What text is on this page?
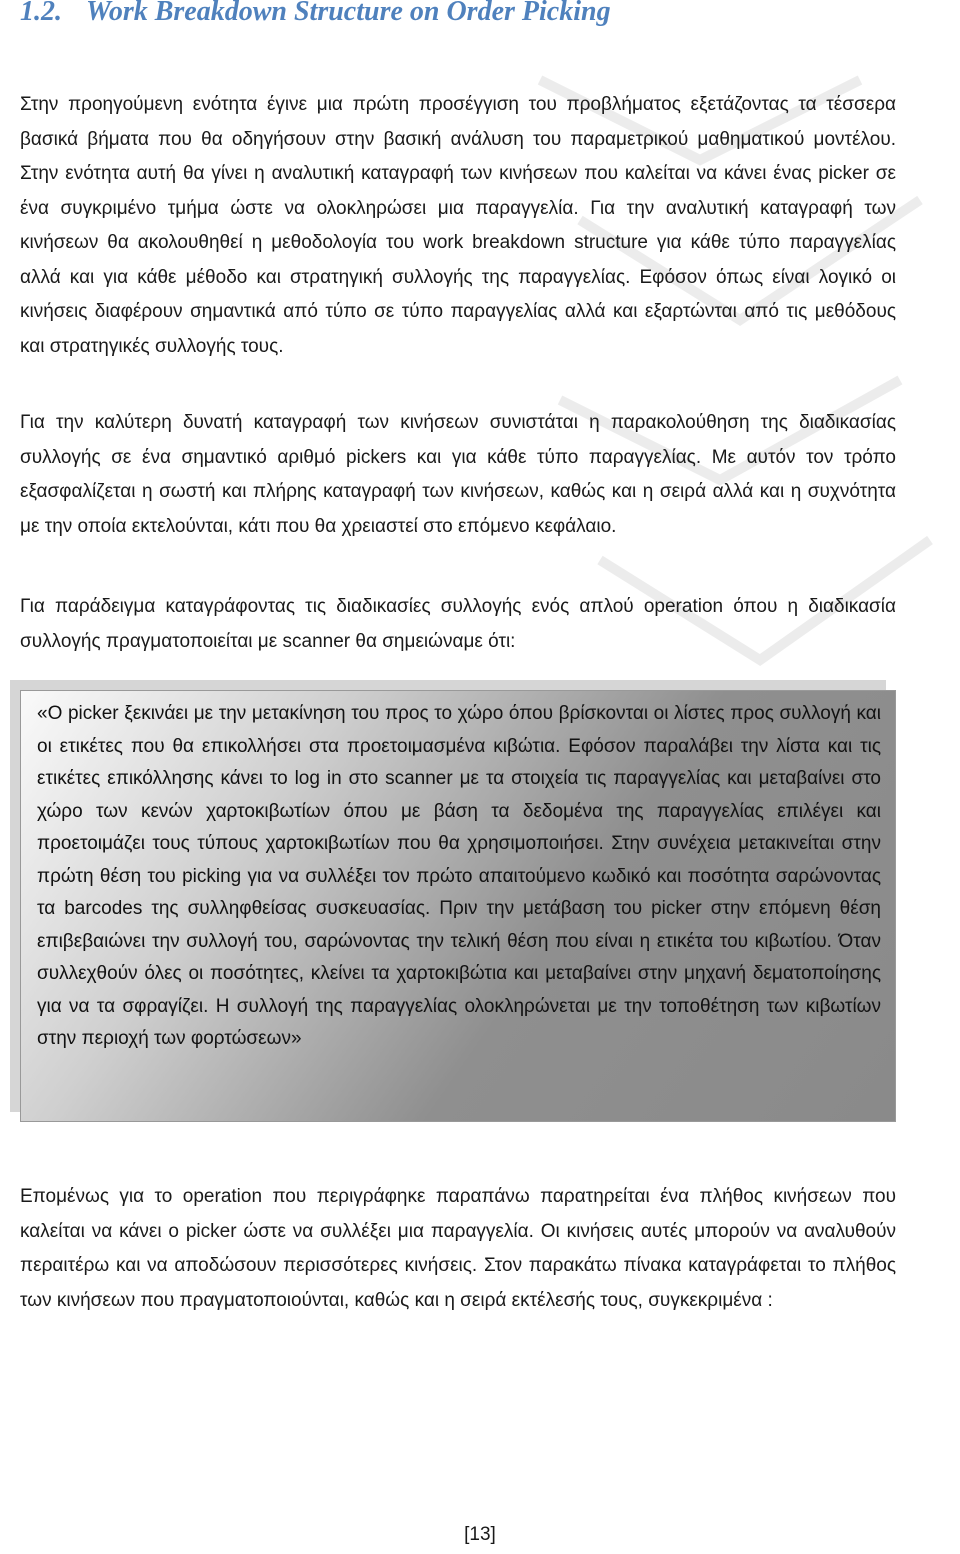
1.2. Work Breakdown Structure on Order Picking

Στην προηγούμενη ενότητα έγινε μια πρώτη προσέγγιση του προβλήματος εξετάζοντας τα τέσσερα βασικά βήματα που θα οδηγήσουν στην βασική ανάλυση του παραμετρικού μαθηματικού μοντέλου. Στην ενότητα αυτή θα γίνει η αναλυτική καταγραφή των κινήσεων που καλείται να κάνει ένας picker σε ένα συγκριμένο τμήμα ώστε να ολοκληρώσει μια παραγγελία. Για την αναλυτική καταγραφή των κινήσεων θα ακολουθηθεί η μεθοδολογία του work breakdown structure για κάθε τύπο παραγγελίας αλλά και για κάθε μέθοδο και στρατηγική συλλογής της παραγγελίας. Εφόσον όπως είναι λογικό οι κινήσεις διαφέρουν σημαντικά από τύπο σε τύπο παραγγελίας αλλά και εξαρτώνται από τις μεθόδους και στρατηγικές συλλογής τους.

Για την καλύτερη δυνατή καταγραφή των κινήσεων συνιστάται η παρακολούθηση της διαδικασίας συλλογής σε ένα σημαντικό αριθμό pickers και για κάθε τύπο παραγγελίας. Με αυτόν τον τρόπο εξασφαλίζεται η σωστή και πλήρης καταγραφή των κινήσεων, καθώς και η σειρά αλλά και η συχνότητα με την οποία εκτελούνται, κάτι που θα χρειαστεί στο επόμενο κεφάλαιο.

Για παράδειγμα καταγράφοντας τις διαδικασίες συλλογής ενός απλού operation όπου η διαδικασία συλλογής πραγματοποιείται με scanner θα σημειώναμε ότι:

«Ο picker ξεκινάει με την μετακίνηση του προς το χώρο όπου βρίσκονται οι λίστες προς συλλογή και οι ετικέτες που θα επικολλήσει στα προετοιμασμένα κιβώτια. Εφόσον παραλάβει την λίστα και τις ετικέτες επικόλλησης κάνει το log in στο scanner με τα στοιχεία τις παραγγελίας και μεταβαίνει στο χώρο των κενών χαρτοκιβωτίων όπου με βάση τα δεδομένα της παραγγελίας επιλέγει και προετοιμάζει τους τύπους χαρτοκιβωτίων που θα χρησιμοποιήσει. Στην συνέχεια μετακινείται στην πρώτη θέση του picking για να συλλέξει τον πρώτο απαιτούμενο κωδικό και ποσότητα σαρώνοντας τα barcodes της συλληφθείσας συσκευασίας. Πριν την μετάβαση του picker στην επόμενη θέση επιβεβαιώνει την συλλογή του, σαρώνοντας την τελική θέση που είναι η ετικέτα του κιβωτίου. Όταν συλλεχθούν όλες οι ποσότητες, κλείνει τα χαρτοκιβώτια και μεταβαίνει στην μηχανή δεματοποίησης για να τα σφραγίζει. Η συλλογή της παραγγελίας ολοκληρώνεται με την τοποθέτηση των κιβωτίων στην περιοχή των φορτώσεων»

Επομένως για το operation που περιγράφηκε παραπάνω παρατηρείται ένα πλήθος κινήσεων που καλείται να κάνει ο picker ώστε να συλλέξει μια παραγγελία. Οι κινήσεις αυτές μπορούν να αναλυθούν περαιτέρω και να αποδώσουν περισσότερες κινήσεις. Στον παρακάτω πίνακα καταγράφεται το πλήθος των κινήσεων που πραγματοποιούνται, καθώς και η σειρά εκτέλεσής τους, συγκεκριμένα :

[13]
